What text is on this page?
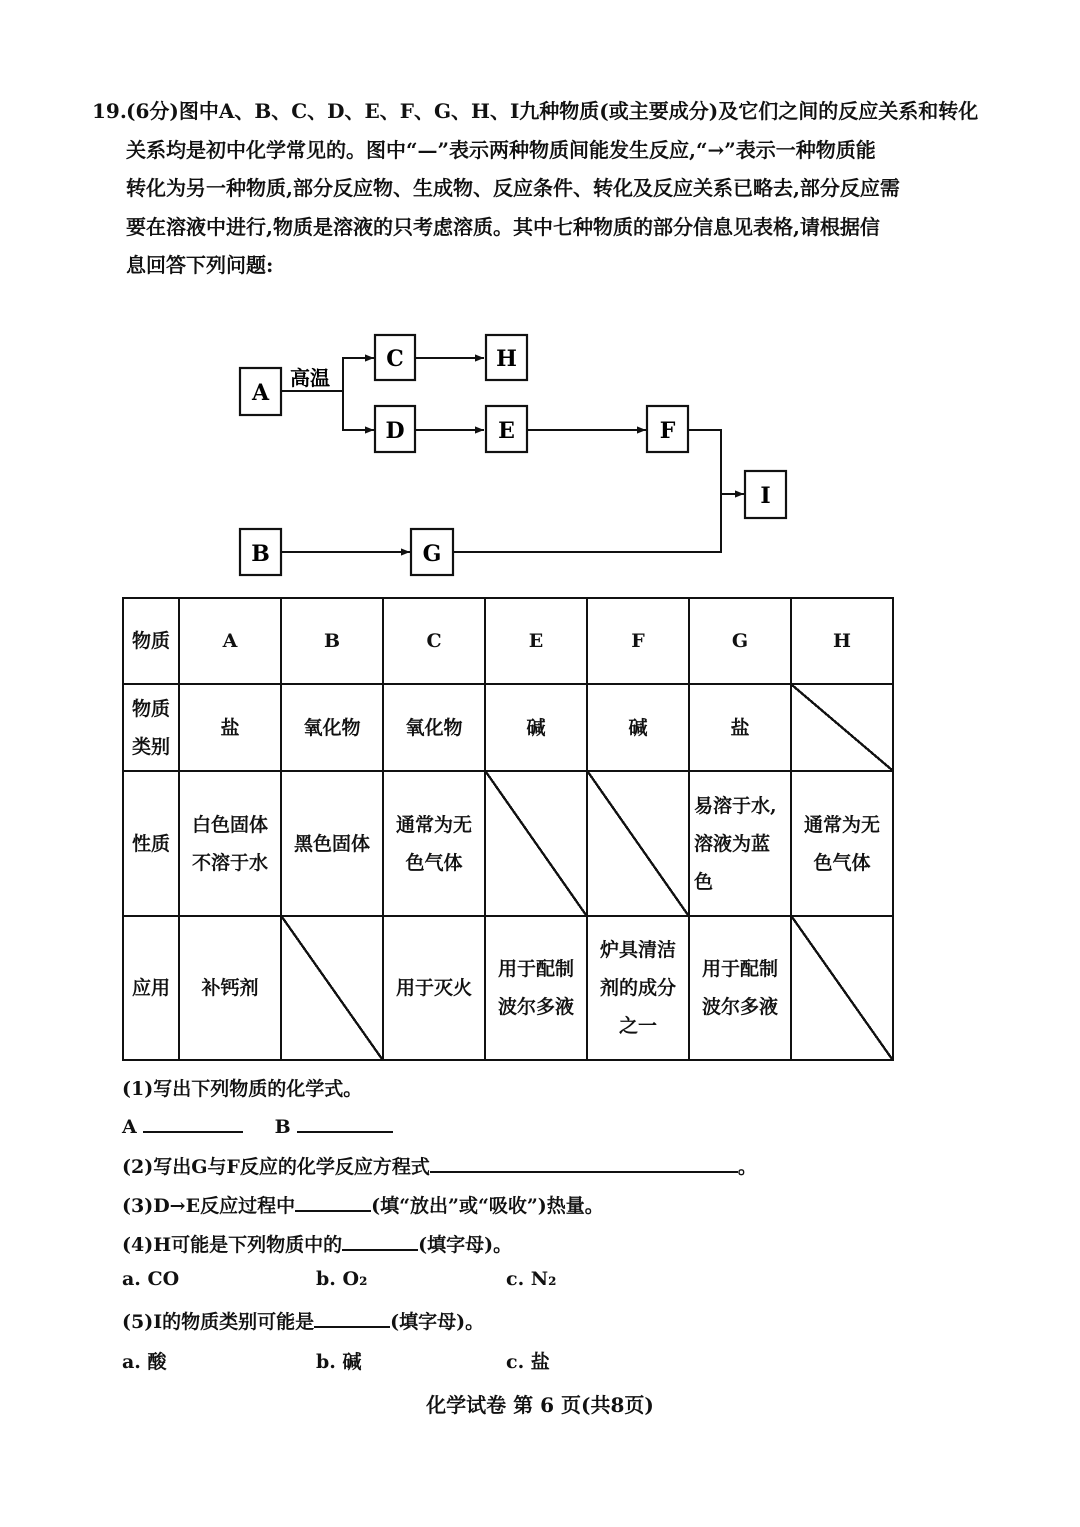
19.(6分)图中A、B、C、D、E、F、G、H、I九种物质(或主要成分)及它们之间的反应关系和转化
关系均是初中化学常见的。图中“—”表示两种物质间能发生反应,“→”表示一种物质能
转化为另一种物质,部分反应物、生成物、反应条件、转化及反应关系已略去,部分反应需
要在溶液中进行,物质是溶液的只考虑溶质。其中七种物质的部分信息见表格,请根据信
息回答下列问题:
高温
A
C	H
D	E	F
I
B	G
物质	A	B	C	E	F	G	H
物质类别	盐	氧化物	氧化物	碱	碱	盐	
性质	白色固体不溶于水	黑色固体	通常为无色气体			易溶于水,溶液为蓝色	通常为无色气体
应用	补钙剂		用于灭火	用于配制波尔多液	炉具清洁剂的成分之一	用于配制波尔多液	
(1)写出下列物质的化学式。
A	B
(2)写出G与F反应的化学反应方程式	。
(3)D→E反应过程中	(填“放出”或“吸收”)热量。
(4)H可能是下列物质中的	(填字母)。
a. CO	b. O₂	c. N₂
(5)I的物质类别可能是	(填字母)。
a. 酸	b. 碱	c. 盐
化学试卷 第 6 页(共8页)
